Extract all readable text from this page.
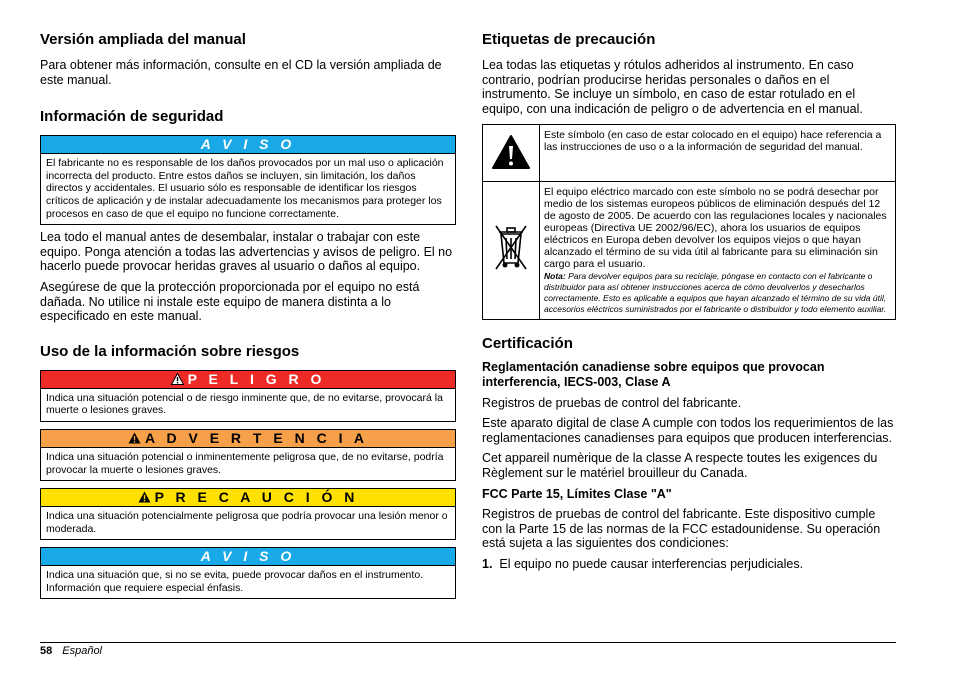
Versión ampliada del manual

Para obtener más información, consulte en el CD la versión ampliada de este manual.

Información de seguridad
A V I S O
El fabricante no es responsable de los daños provocados por un mal uso o aplicación incorrecta del producto. Entre estos daños se incluyen, sin limitación, los daños directos y accidentales. El usuario sólo es responsable de identificar los riesgos críticos de aplicación y de instalar adecuadamente los mecanismos para proteger los procesos en caso de que el equipo no funcione correctamente.

Lea todo el manual antes de desembalar, instalar o trabajar con este equipo. Ponga atención a todas las advertencias y avisos de peligro. El no hacerlo puede provocar heridas graves al usuario o daños al equipo.

Asegúrese de que la protección proporcionada por el equipo no está dañada. No utilice ni instale este equipo de manera distinta a lo especificado en este manual.

Uso de la información sobre riesgos
P E L I G R O
Indica una situación potencial o de riesgo inminente que, de no evitarse, provocará la muerte o lesiones graves.
A D V E R T E N C I A
Indica una situación potencial o inminentemente peligrosa que, de no evitarse, podría provocar la muerte o lesiones graves.
P R E C A U C I Ó N
Indica una situación potencialmente peligrosa que podría provocar una lesión menor o moderada.
A V I S O
Indica una situación que, si no se evita, puede provocar daños en el instrumento. Información que requiere especial énfasis.
Etiquetas de precaución

Lea todas las etiquetas y rótulos adheridos al instrumento. En caso contrario, podrían producirse heridas personales o daños en el instrumento. Se incluye un símbolo, en caso de estar rotulado en el equipo, con una indicación de peligro o de advertencia en el manual.

	Este símbolo (en caso de estar colocado en el equipo) hace referencia a las instrucciones de uso o a la información de seguridad del manual.

El equipo eléctrico marcado con este símbolo no se podrá desechar por medio de los sistemas europeos públicos de eliminación después del 12 de agosto de 2005. De acuerdo con las regulaciones locales y nacionales europeas (Directiva UE 2002/96/EC), ahora los usuarios de equipos eléctricos en Europa deben devolver los equipos viejos o que hayan alcanzado el término de su vida útil al fabricante para su eliminación sin cargo para el usuario.
Nota: Para devolver equipos para su reciclaje, póngase en contacto con el fabricante o distribuidor para así obtener instrucciones acerca de cómo devolverlos y desecharlos correctamente. Esto es aplicable a equipos que hayan alcanzado el término de su vida útil, accesorios eléctricos suministrados por el fabricante o distribuidor y todo elemento auxiliar.
Certificación

Reglamentación canadiense sobre equipos que provocan interferencia, IECS-003, Clase A

Registros de pruebas de control del fabricante.

Este aparato digital de clase A cumple con todos los requerimientos de las reglamentaciones canadienses para equipos que producen interferencias.

Cet appareil numèrique de la classe A respecte toutes les exigences du Règlement sur le matériel brouilleur du Canada.

FCC Parte 15, Límites Clase "A"

Registros de pruebas de control del fabricante. Este dispositivo cumple con la Parte 15 de las normas de la FCC estadounidense. Su operación está sujeta a las siguientes dos condiciones:

1. El equipo no puede causar interferencias perjudiciales.

58 Español
